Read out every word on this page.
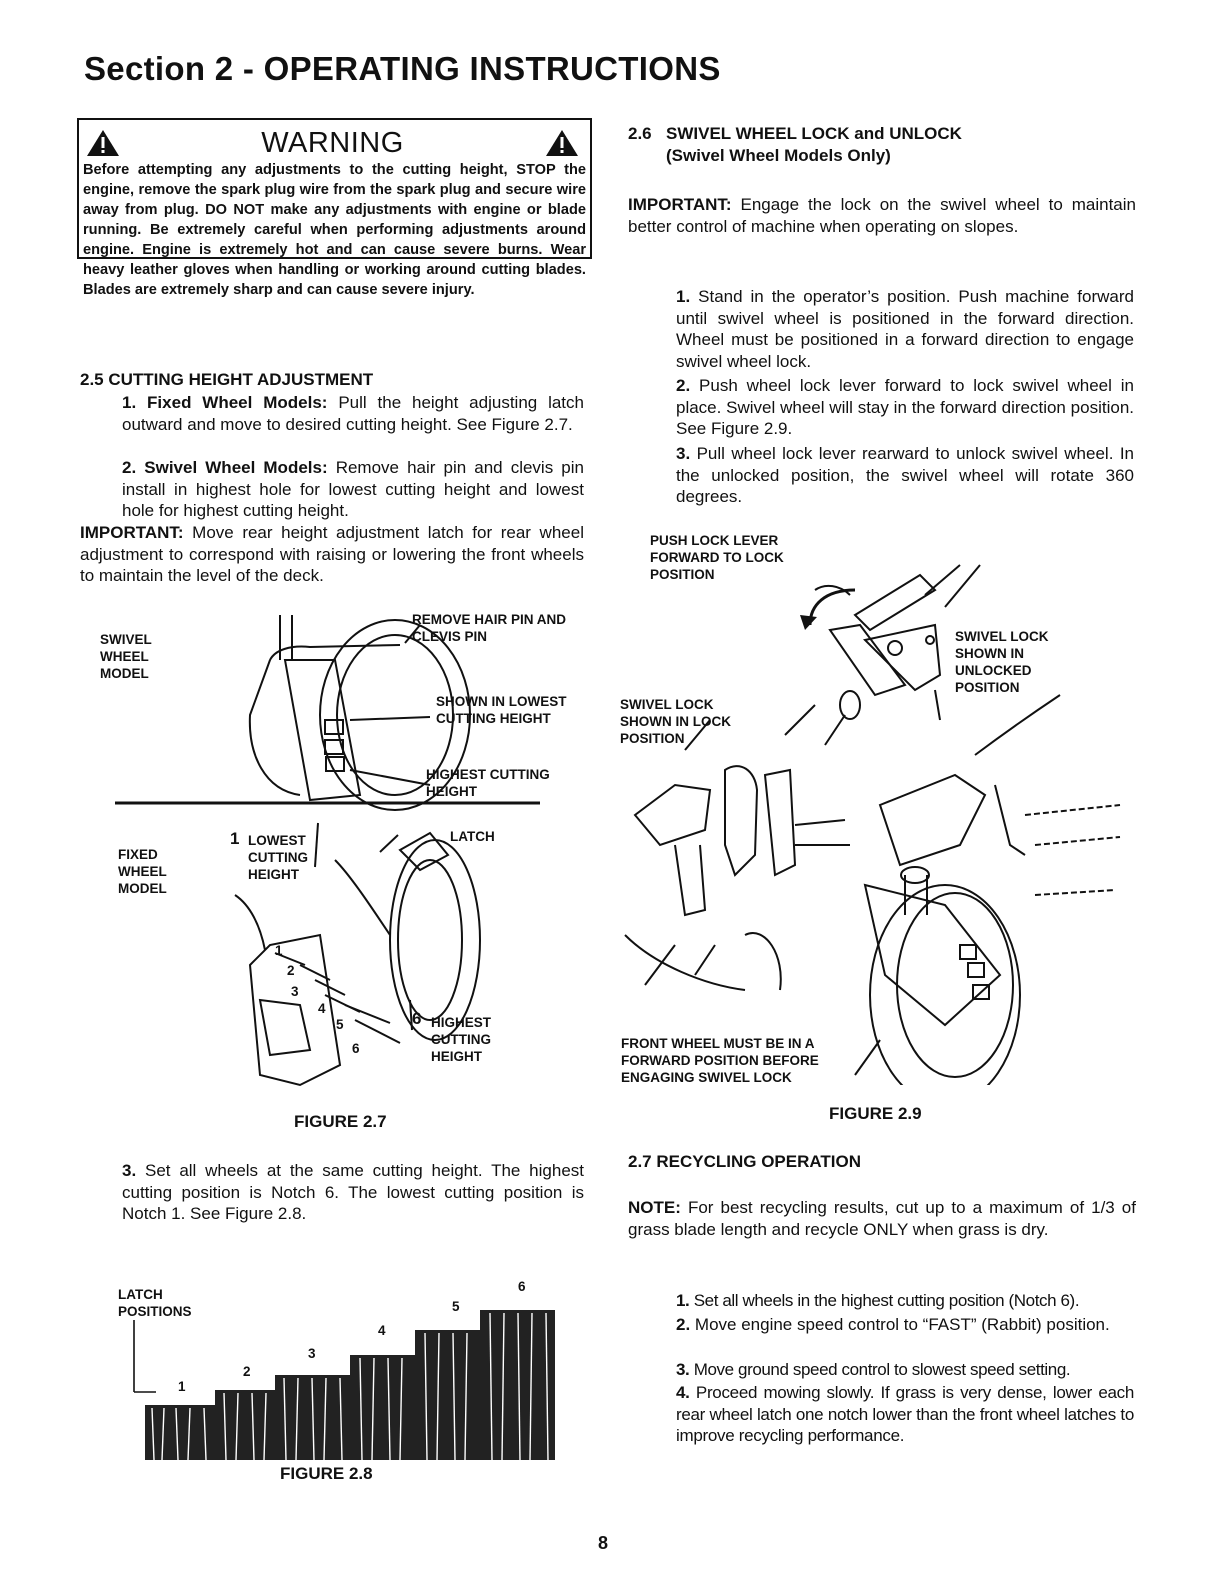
Section 2 - OPERATING INSTRUCTIONS
WARNING

Before attempting any adjustments to the cutting height, STOP the engine, remove the spark plug wire from the spark plug and secure wire away from plug. DO NOT make any adjustments with engine or blade running. Be extremely careful when performing adjustments around engine. Engine is extremely hot and can cause severe burns. Wear heavy leather gloves when handling or working around cutting blades. Blades are extremely sharp and can cause severe injury.

2.5 CUTTING HEIGHT ADJUSTMENT
1. Fixed Wheel Models: Pull the height adjusting latch outward and move to desired cutting height. See Figure 2.7.
2. Swivel Wheel Models: Remove hair pin and clevis pin install in highest hole for lowest cutting height and lowest hole for highest cutting height.
IMPORTANT: Move rear height adjustment latch for rear wheel adjustment to correspond with raising or lowering the front wheels to maintain the level of the deck.
SWIVEL WHEEL MODEL
REMOVE HAIR PIN AND CLEVIS PIN
SHOWN IN LOWEST CUTTING HEIGHT
HIGHEST CUTTING HEIGHT
FIXED WHEEL MODEL
1 LOWEST CUTTING HEIGHT
LATCH
1
2
3
4
5
6
6 HIGHEST CUTTING HEIGHT
FIGURE 2.7
3. Set all wheels at the same cutting height. The highest cutting position is Notch 6. The lowest cutting position is Notch 1. See Figure 2.8.
LATCH POSITIONS
1
2
3
4
5
6
FIGURE 2.8
2.6 SWIVEL WHEEL LOCK and UNLOCK
(Swivel Wheel Models Only)
IMPORTANT: Engage the lock on the swivel wheel to maintain better control of machine when operating on slopes.
1. Stand in the operator’s position. Push machine forward until swivel wheel is positioned in the forward direction. Wheel must be positioned in a forward direction to engage swivel wheel lock.
2. Push wheel lock lever forward to lock swivel wheel in place. Swivel wheel will stay in the forward direction position. See Figure 2.9.
3. Pull wheel lock lever rearward to unlock swivel wheel. In the unlocked position, the swivel wheel will rotate 360 degrees.
PUSH LOCK LEVER FORWARD TO LOCK POSITION
SWIVEL LOCK SHOWN IN UNLOCKED POSITION
SWIVEL LOCK SHOWN IN LOCK POSITION
FRONT WHEEL MUST BE IN A FORWARD POSITION BEFORE ENGAGING SWIVEL LOCK
FIGURE 2.9
2.7 RECYCLING OPERATION
NOTE: For best recycling results, cut up to a maximum of 1/3 of grass blade length and recycle ONLY when grass is dry.
1. Set all wheels in the highest cutting position (Notch 6).
2. Move engine speed control to “FAST” (Rabbit) position.
3. Move ground speed control to slowest speed setting.
4. Proceed mowing slowly. If grass is very dense, lower each rear wheel latch one notch lower than the front wheel latches to improve recycling performance.
8
